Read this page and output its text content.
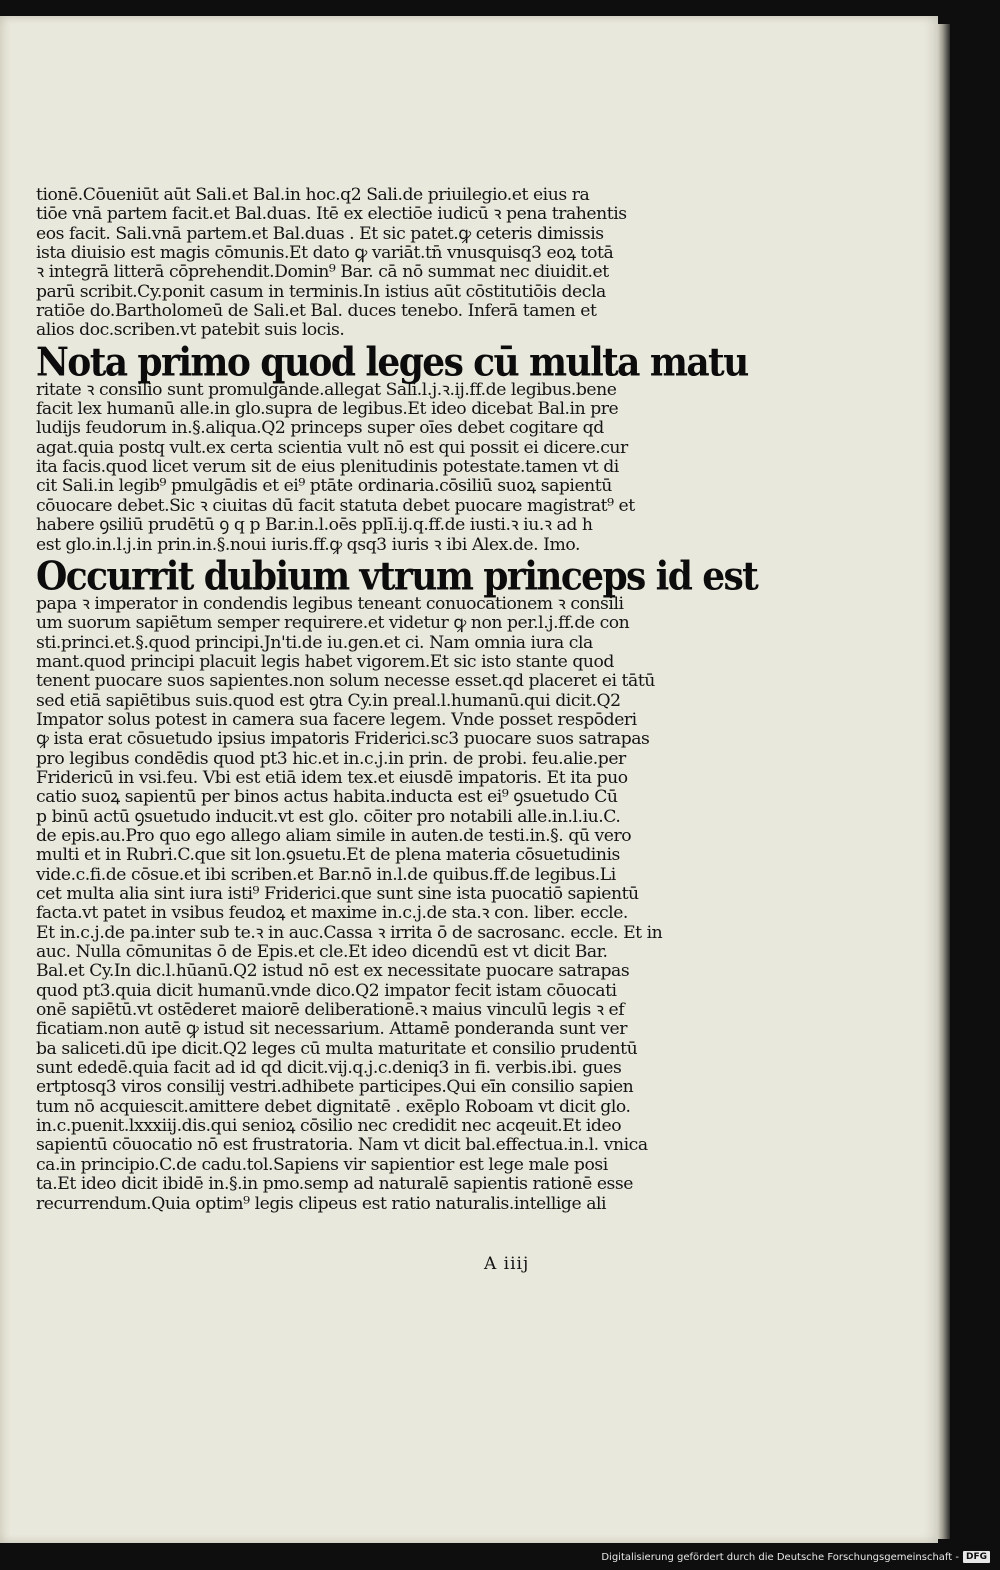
tionē.Cōueniūt aūt Sali.et Bal.in hoc.q2 Sali.de priuilegio.et eius ra
tiōe vnā partem facit.et Bal.duas. Itē ex electiōe iudicū ꝛ pena trahentis
eos facit. Sali.vnā partem.et Bal.duas . Et sic patet.ꝙ ceteris dimissis
ista diuisio est magis cōmunis.Et dato ꝙ variāt.tn̄ vnusquisq3 eoꝝ totā
ꝛ integrā litterā cōprehendit.Domin⁹ Bar. cā nō summat nec diuidit.et
parū scribit.Cy.ponit casum in terminis.In istius aūt cōstitutiōis decla
ratiōe do.Bartholomeū de Sali.et Bal. duces tenebo. Inferā tamen et
alios doc.scriben.vt patebit suis locis.
Nota primo quod leges cū multa matu
ritate ꝛ consilio sunt promulgande.allegat Sali.l.j.ꝛ.ij.ff.de legibus.bene
facit lex humanū alle.in glo.supra de legibus.Et ideo dicebat Bal.in pre
ludijs feudorum in.§.aliqua.Q2 princeps super oīes debet cogitare qd
agat.quia postq vult.ex certa scientia vult nō est qui possit ei dicere.cur
ita facis.quod licet verum sit de eius plenitudinis potestate.tamen vt di
cit Sali.in legib⁹ pmulgādis et ei⁹ ptāte ordinaria.cōsiliū suoꝝ sapientū
cōuocare debet.Sic ꝛ ciuitas dū facit statuta debet puocare magistrat⁹ et
habere ꝯsiliū prudētū ꝯ q p Bar.in.l.oēs pplī.ij.q.ff.de iusti.ꝛ iu.ꝛ ad h
est glo.in.l.j.in prin.in.§.noui iuris.ff.ꝙ qsq3 iuris ꝛ ibi Alex.de. Imo.
Occurrit dubium vtrum princeps id est
papa ꝛ imperator in condendis legibus teneant conuocationem ꝛ consili
um suorum sapiētum semper requirere.et videtur ꝙ non per.l.j.ff.de con
sti.princi.et.§.quod principi.Jn'ti.de iu.gen.et ci. Nam omnia iura cla
mant.quod principi placuit legis habet vigorem.Et sic isto stante quod
tenent puocare suos sapientes.non solum necesse esset.qd placeret ei tātū
sed etiā sapiētibus suis.quod est ꝯtra Cy.in preal.l.humanū.qui dicit.Q2
Impator solus potest in camera sua facere legem. Vnde posset respōderi
ꝙ ista erat cōsuetudo ipsius impatoris Friderici.sc3 puocare suos satrapas
pro legibus condēdis quod pt3 hic.et in.c.j.in prin. de probi. feu.alie.per
Fridericū in vsi.feu. Vbi est etiā idem tex.et eiusdē impatoris. Et ita puo
catio suoꝝ sapientū per binos actus habita.inducta est ei⁹ ꝯsuetudo Cū
p binū actū ꝯsuetudo inducit.vt est glo. cōiter pro notabili alle.in.l.iu.C.
de epis.au.Pro quo ego allego aliam simile in auten.de testi.in.§. qū vero
multi et in Rubri.C.que sit lon.ꝯsuetu.Et de plena materia cōsuetudinis
vide.c.fi.de cōsue.et ibi scriben.et Bar.nō in.l.de quibus.ff.de legibus.Li
cet multa alia sint iura isti⁹ Friderici.que sunt sine ista puocatiō sapientū
facta.vt patet in vsibus feudoꝝ et maxime in.c.j.de sta.ꝛ con. liber. eccle.
Et in.c.j.de pa.inter sub te.ꝛ in auc.Cassa ꝛ irrita ō de sacrosanc. eccle. Et in
auc. Nulla cōmunitas ō de Epis.et cle.Et ideo dicendū est vt dicit Bar.
Bal.et Cy.In dic.l.hūanū.Q2 istud nō est ex necessitate puocare satrapas
quod pt3.quia dicit humanū.vnde dico.Q2 impator fecit istam cōuocati
onē sapiētū.vt ostēderet maiorē deliberationē.ꝛ maius vinculū legis ꝛ ef
ficatiam.non autē ꝙ istud sit necessarium. Attamē ponderanda sunt ver
ba saliceti.dū ipe dicit.Q2 leges cū multa maturitate et consilio prudentū
sunt ededē.quia facit ad id qd dicit.vij.q.j.c.deniq3 in fi. verbis.ibi. gues
ertptosq3 viros consilij vestri.adhibete participes.Qui eīn consilio sapien
tum nō acquiescit.amittere debet dignitatē . exēplo Roboam vt dicit glo.
in.c.puenit.lxxxiij.dis.qui senioꝝ cōsilio nec credidit nec acqeuit.Et ideo
sapientū cōuocatio nō est frustratoria. Nam vt dicit bal.effectua.in.l. vnica
ca.in principio.C.de cadu.tol.Sapiens vir sapientior est lege male posi
ta.Et ideo dicit ibidē in.§.in pmo.semp ad naturalē sapientis rationē esse
recurrendum.Quia optim⁹ legis clipeus est ratio naturalis.intellige ali
A iiij
Digitalisierung gefördert durch die Deutsche Forschungsgemeinschaft - DFG
